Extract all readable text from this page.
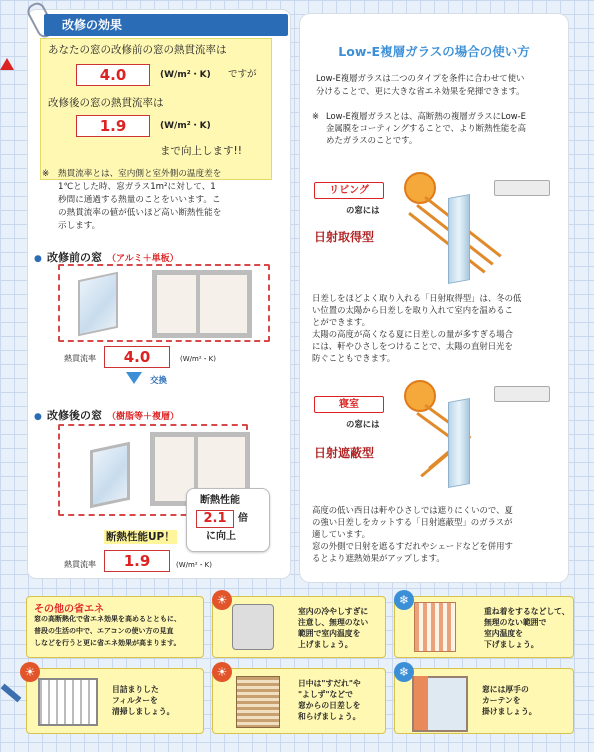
改修の効果
あなたの窓の改修前の窓の熱貫流率は
4.0	(W/m²・K) ですが
改修後の窓の熱貫流率は
1.9	(W/m²・K)
まで向上します!!
※ 熱貫流率とは、室内側と室外側の温度差を
1℃とした時、窓ガラス1m²に対して、1
秒間に通過する熱量のことをいいます。こ
の熱貫流率の値が低いほど高い断熱性能を
示します。
● 改修前の窓 （アルミ＋単板）
熱貫流率	4.0	(W/m²・K)
交換
● 改修後の窓 （樹脂等＋複層）
断熱性能
2.1	倍
に向上
断熱性能UP！
熱貫流率	1.9	(W/m²・K)
Low-E複層ガラスの場合の使い方
Low-E複層ガラスは二つのタイプを条件に合わせて使い
分けることで、更に大きな省エネ効果を発揮できます。
※ Low-E複層ガラスとは、高断熱の複層ガラスにLow-E
金属膜をコーティングすることで、より断熱性能を高
めたガラスのことです。
リビング
の窓には
日射取得型
日差しをほどよく取り入れる「日射取得型」は、冬の低
い位置の太陽から日差しを取り入れて室内を温めるこ
とができます。
太陽の高度が高くなる夏に日差しの量が多すぎる場合
には、軒やひさしをつけることで、太陽の直射日光を
防ぐこともできます。
寝室
の窓には
日射遮蔽型
高度の低い西日は軒やひさしでは遮りにくいので、夏
の強い日差しをカットする「日射遮蔽型」のガラスが
適しています。
窓の外側で日射を遮るすだれやシェードなどを併用す
るとより遮熱効果がアップします。
その他の省エネ
窓の高断熱化で省エネ効果を高めるとともに、
普段の生活の中で、エアコンの使い方の見直
しなどを行うと更に省エネ効果が高まります。
☀
室内の冷やしすぎに
注意し、無理のない
範囲で室内温度を
上げましょう。
❄
重ね着をするなどして、
無理のない範囲で
室内温度を
下げましょう。
☀
目詰まりした
フィルターを
清掃しましょう。
☀
日中は"すだれ"や
"よしず"などで
窓からの日差しを
和らげましょう。
❄
窓には厚手の
カーテンを
掛けましょう。
